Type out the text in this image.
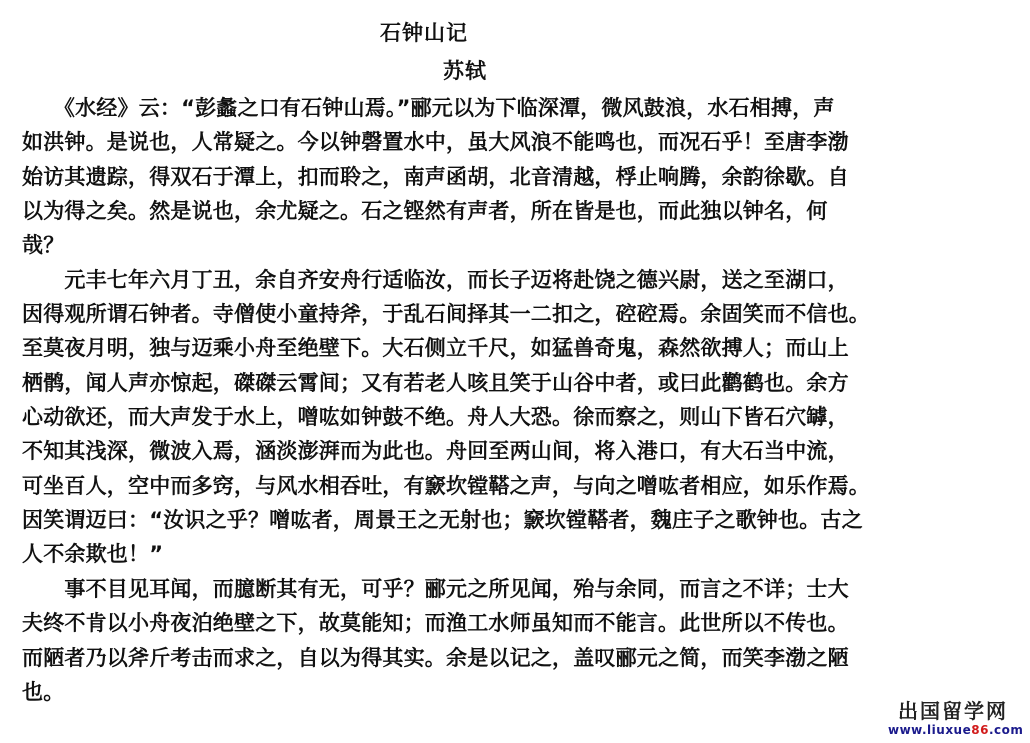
石钟山记
苏轼
　　《水经》云：“彭蠡之口有石钟山焉。”郦元以为下临深潭，微风鼓浪，水石相搏，声
如洪钟。是说也，人常疑之。今以钟磬置水中，虽大风浪不能鸣也，而况石乎！至唐李渤
始访其遗踪，得双石于潭上，扣而聆之，南声函胡，北音清越，桴止响腾，余韵徐歇。自
以为得之矣。然是说也，余尤疑之。石之铿然有声者，所在皆是也，而此独以钟名，何
哉？
　　元丰七年六月丁丑，余自齐安舟行适临汝，而长子迈将赴饶之德兴尉，送之至湖口，
因得观所谓石钟者。寺僧使小童持斧，于乱石间择其一二扣之，硿硿焉。余固笑而不信也。
至莫夜月明，独与迈乘小舟至绝壁下。大石侧立千尺，如猛兽奇鬼，森然欲搏人；而山上
栖鹘，闻人声亦惊起，磔磔云霄间；又有若老人咳且笑于山谷中者，或曰此鹳鹤也。余方
心动欲还，而大声发于水上，噌吰如钟鼓不绝。舟人大恐。徐而察之，则山下皆石穴罅，
不知其浅深，微波入焉，涵淡澎湃而为此也。舟回至两山间，将入港口，有大石当中流，
可坐百人，空中而多窍，与风水相吞吐，有窾坎镗鞳之声，与向之噌吰者相应，如乐作焉。
因笑谓迈曰：“汝识之乎？噌吰者，周景王之无射也；窾坎镗鞳者，魏庄子之歌钟也。古之
人不余欺也！”
　　事不目见耳闻，而臆断其有无，可乎？郦元之所见闻，殆与余同，而言之不详；士大
夫终不肯以小舟夜泊绝壁之下，故莫能知；而渔工水师虽知而不能言。此世所以不传也。
而陋者乃以斧斤考击而求之，自以为得其实。余是以记之，盖叹郦元之简，而笑李渤之陋
也。
出国留学网
www.liuxue86.com
